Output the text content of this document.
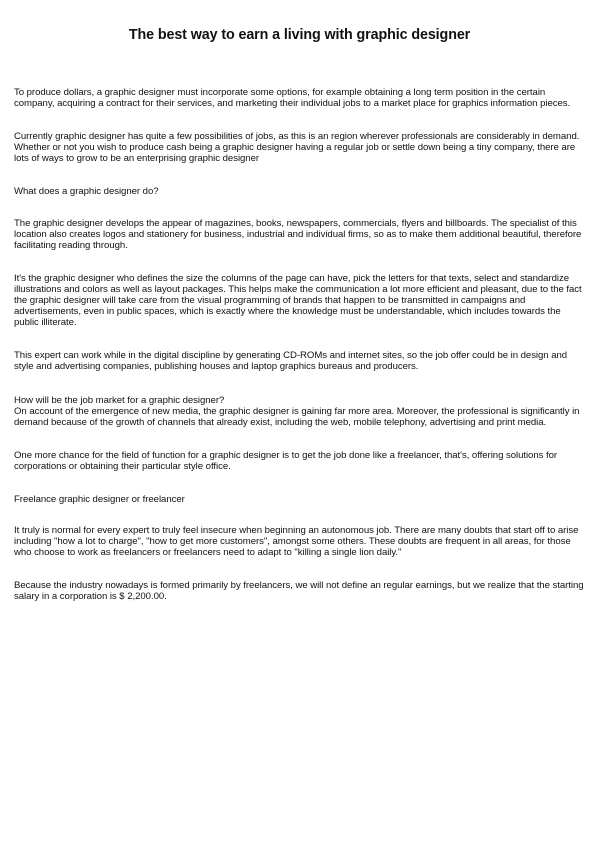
The best way to earn a living with graphic designer

To produce dollars, a graphic designer must incorporate some options, for example obtaining a long term position in the certain company, acquiring a contract for their services, and marketing their individual jobs to a market place for graphics information pieces.

Currently graphic designer has quite a few possibilities of jobs, as this is an region wherever professionals are considerably in demand. Whether or not you wish to produce cash being a graphic designer having a regular job or settle down being a tiny company, there are lots of ways to grow to be an enterprising graphic designer

What does a graphic designer do?

The graphic designer develops the appear of magazines, books, newspapers, commercials, flyers and billboards. The specialist of this location also creates logos and stationery for business, industrial and individual firms, so as to make them additional beautiful, therefore facilitating reading through.

It's the graphic designer who defines the size the columns of the page can have, pick the letters for that texts, select and standardize illustrations and colors as well as layout packages. This helps make the communication a lot more efficient and pleasant, due to the fact the graphic designer will take care from the visual programming of brands that happen to be transmitted in campaigns and advertisements, even in public spaces, which is exactly where the knowledge must be understandable, which includes towards the public illiterate.

This expert can work while in the digital discipline by generating CD-ROMs and internet sites, so the job offer could be in design and style and advertising companies, publishing houses and laptop graphics bureaus and producers.

How will be the job market for a graphic designer?

On account of the emergence of new media, the graphic designer is gaining far more area. Moreover, the professional is significantly in demand because of the growth of channels that already exist, including the web, mobile telephony, advertising and print media.

One more chance for the field of function for a graphic designer is to get the job done like a freelancer, that's, offering solutions for corporations or obtaining their particular style office.

Freelance graphic designer or freelancer

It truly is normal for every expert to truly feel insecure when beginning an autonomous job. There are many doubts that start off to arise including "how a lot to charge", "how to get more customers", amongst some others. These doubts are frequent in all areas, for those who choose to work as freelancers or freelancers need to adapt to "killing a single lion daily."

Because the industry nowadays is formed primarily by freelancers, we will not define an regular earnings, but we realize that the starting salary in a corporation is $ 2,200.00.
